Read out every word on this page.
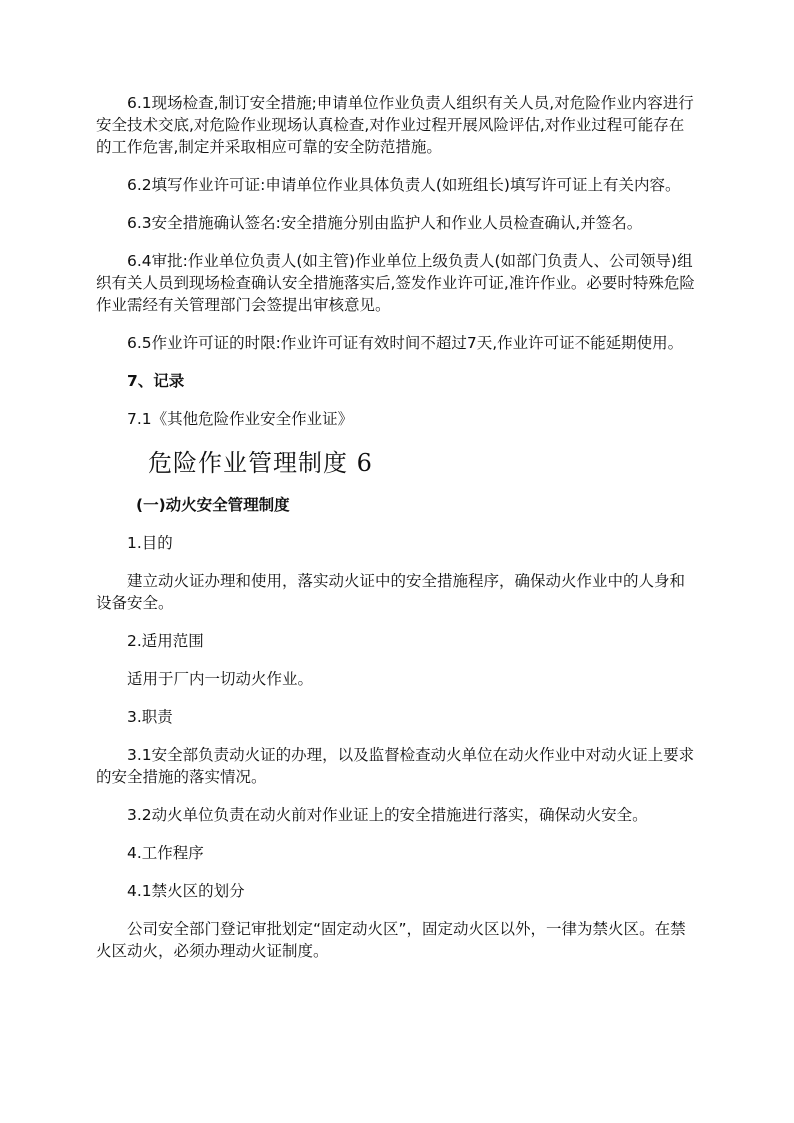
6.1现场检查,制订安全措施;申请单位作业负责人组织有关人员,对危险作业内容进行安全技术交底,对危险作业现场认真检查,对作业过程开展风险评估,对作业过程可能存在的工作危害,制定并采取相应可靠的安全防范措施。

6.2填写作业许可证:申请单位作业具体负责人(如班组长)填写许可证上有关内容。

6.3安全措施确认签名:安全措施分别由监护人和作业人员检查确认,并签名。

6.4审批:作业单位负责人(如主管)作业单位上级负责人(如部门负责人、公司领导)组织有关人员到现场检查确认安全措施落实后,签发作业许可证,准许作业。必要时特殊危险作业需经有关管理部门会签提出审核意见。

6.5作业许可证的时限:作业许可证有效时间不超过7天,作业许可证不能延期使用。

7、记录

7.1《其他危险作业安全作业证》

危险作业管理制度 6

(一)动火安全管理制度

1.目的

建立动火证办理和使用，落实动火证中的安全措施程序，确保动火作业中的人身和设备安全。

2.适用范围

适用于厂内一切动火作业。

3.职责

3.1安全部负责动火证的办理，以及监督检查动火单位在动火作业中对动火证上要求的安全措施的落实情况。

3.2动火单位负责在动火前对作业证上的安全措施进行落实，确保动火安全。

4.工作程序

4.1禁火区的划分

公司安全部门登记审批划定“固定动火区”，固定动火区以外，一律为禁火区。在禁火区动火，必须办理动火证制度。
